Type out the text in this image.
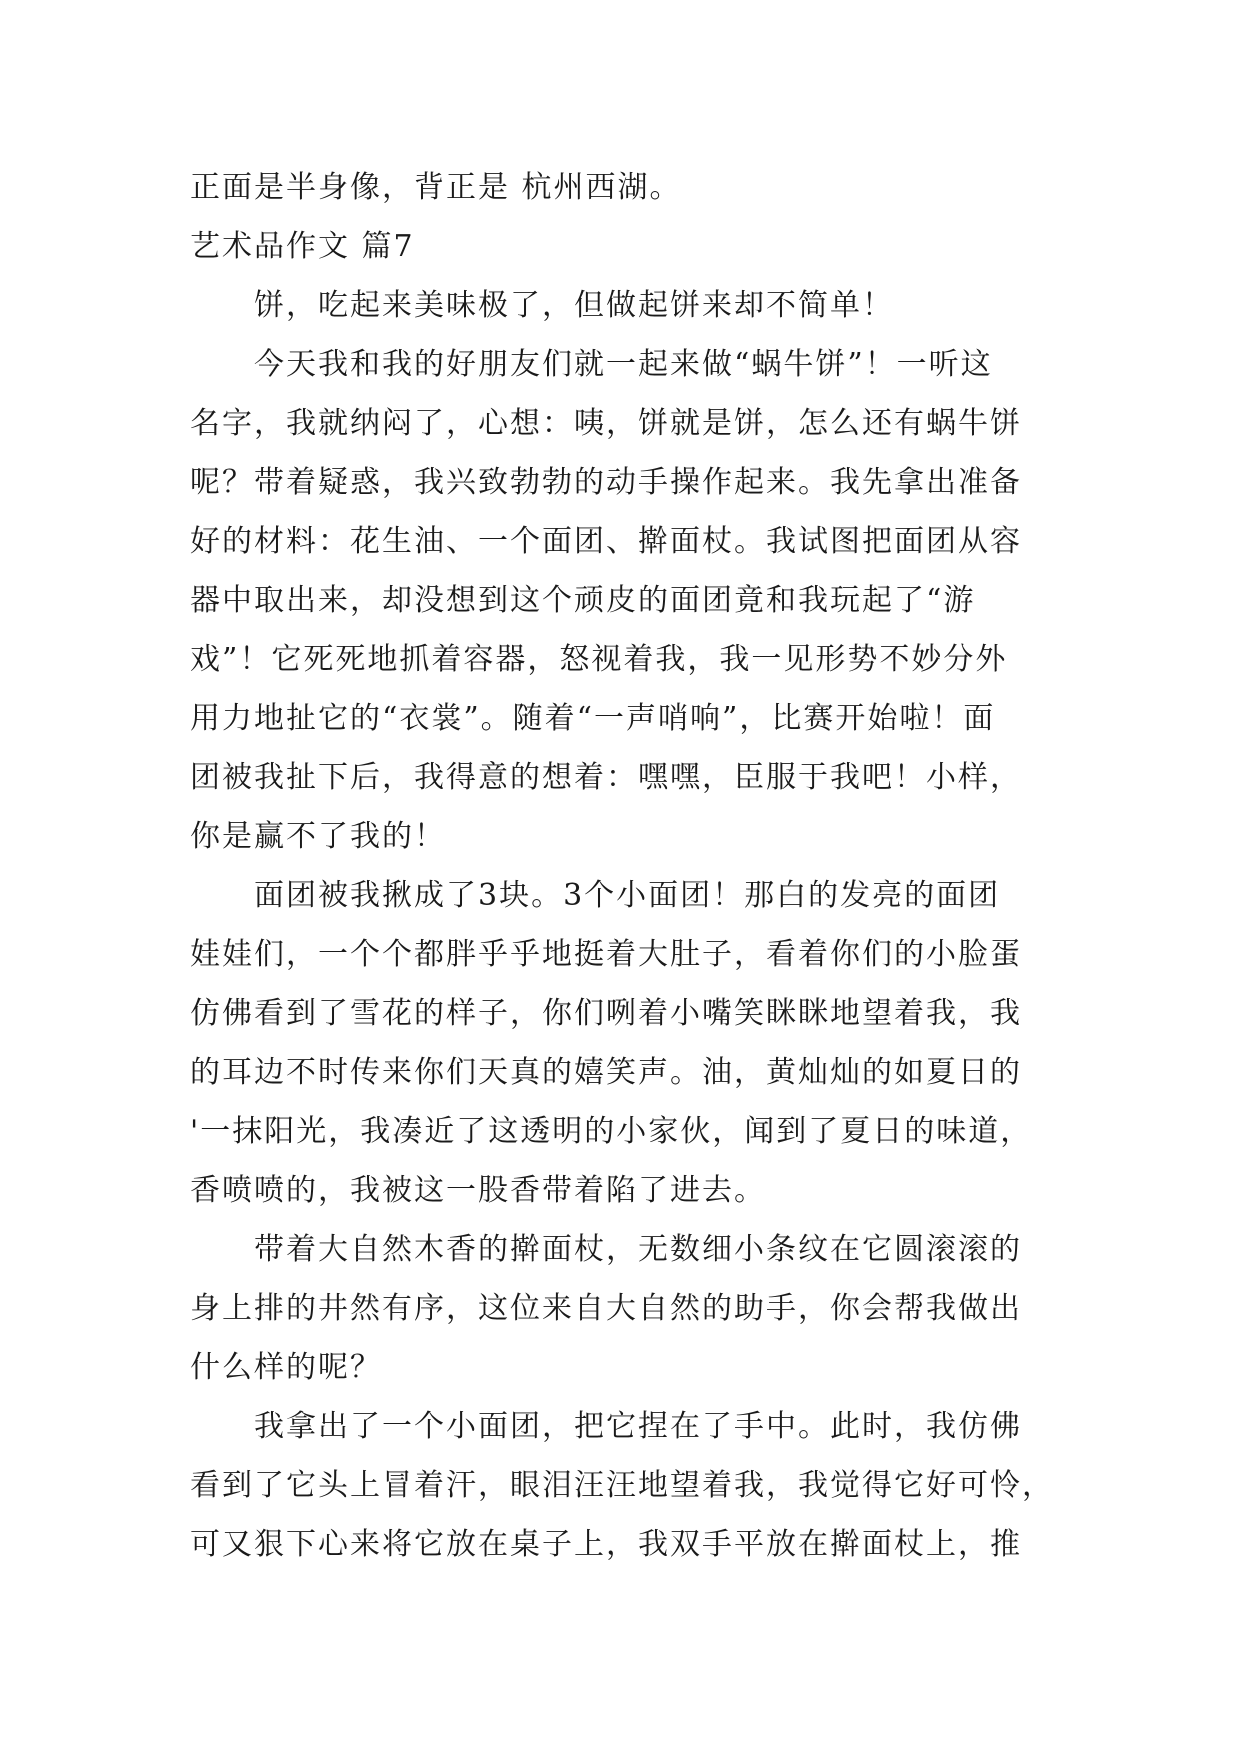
正面是半身像，背正是 杭州西湖。
艺术品作文 篇7
　　饼，吃起来美味极了，但做起饼来却不简单！
　　今天我和我的好朋友们就一起来做“蜗牛饼”！一听这
名字，我就纳闷了，心想：咦，饼就是饼，怎么还有蜗牛饼
呢？带着疑惑，我兴致勃勃的动手操作起来。我先拿出准备
好的材料：花生油、一个面团、擀面杖。我试图把面团从容
器中取出来，却没想到这个顽皮的面团竟和我玩起了“游
戏”！它死死地抓着容器，怒视着我，我一见形势不妙分外
用力地扯它的“衣裳”。随着“一声哨响”，比赛开始啦！面
团被我扯下后，我得意的想着：嘿嘿，臣服于我吧！小样，
你是赢不了我的！
　　面团被我揪成了3块。3个小面团！那白的发亮的面团
娃娃们，一个个都胖乎乎地挺着大肚子，看着你们的小脸蛋
仿佛看到了雪花的样子，你们咧着小嘴笑眯眯地望着我，我
的耳边不时传来你们天真的嬉笑声。油，黄灿灿的如夏日的
'一抹阳光，我凑近了这透明的小家伙，闻到了夏日的味道，
香喷喷的，我被这一股香带着陷了进去。
　　带着大自然木香的擀面杖，无数细小条纹在它圆滚滚的
身上排的井然有序，这位来自大自然的助手，你会帮我做出
什么样的呢？
　　我拿出了一个小面团，把它捏在了手中。此时，我仿佛
看到了它头上冒着汗，眼泪汪汪地望着我，我觉得它好可怜，
可又狠下心来将它放在桌子上，我双手平放在擀面杖上，推
